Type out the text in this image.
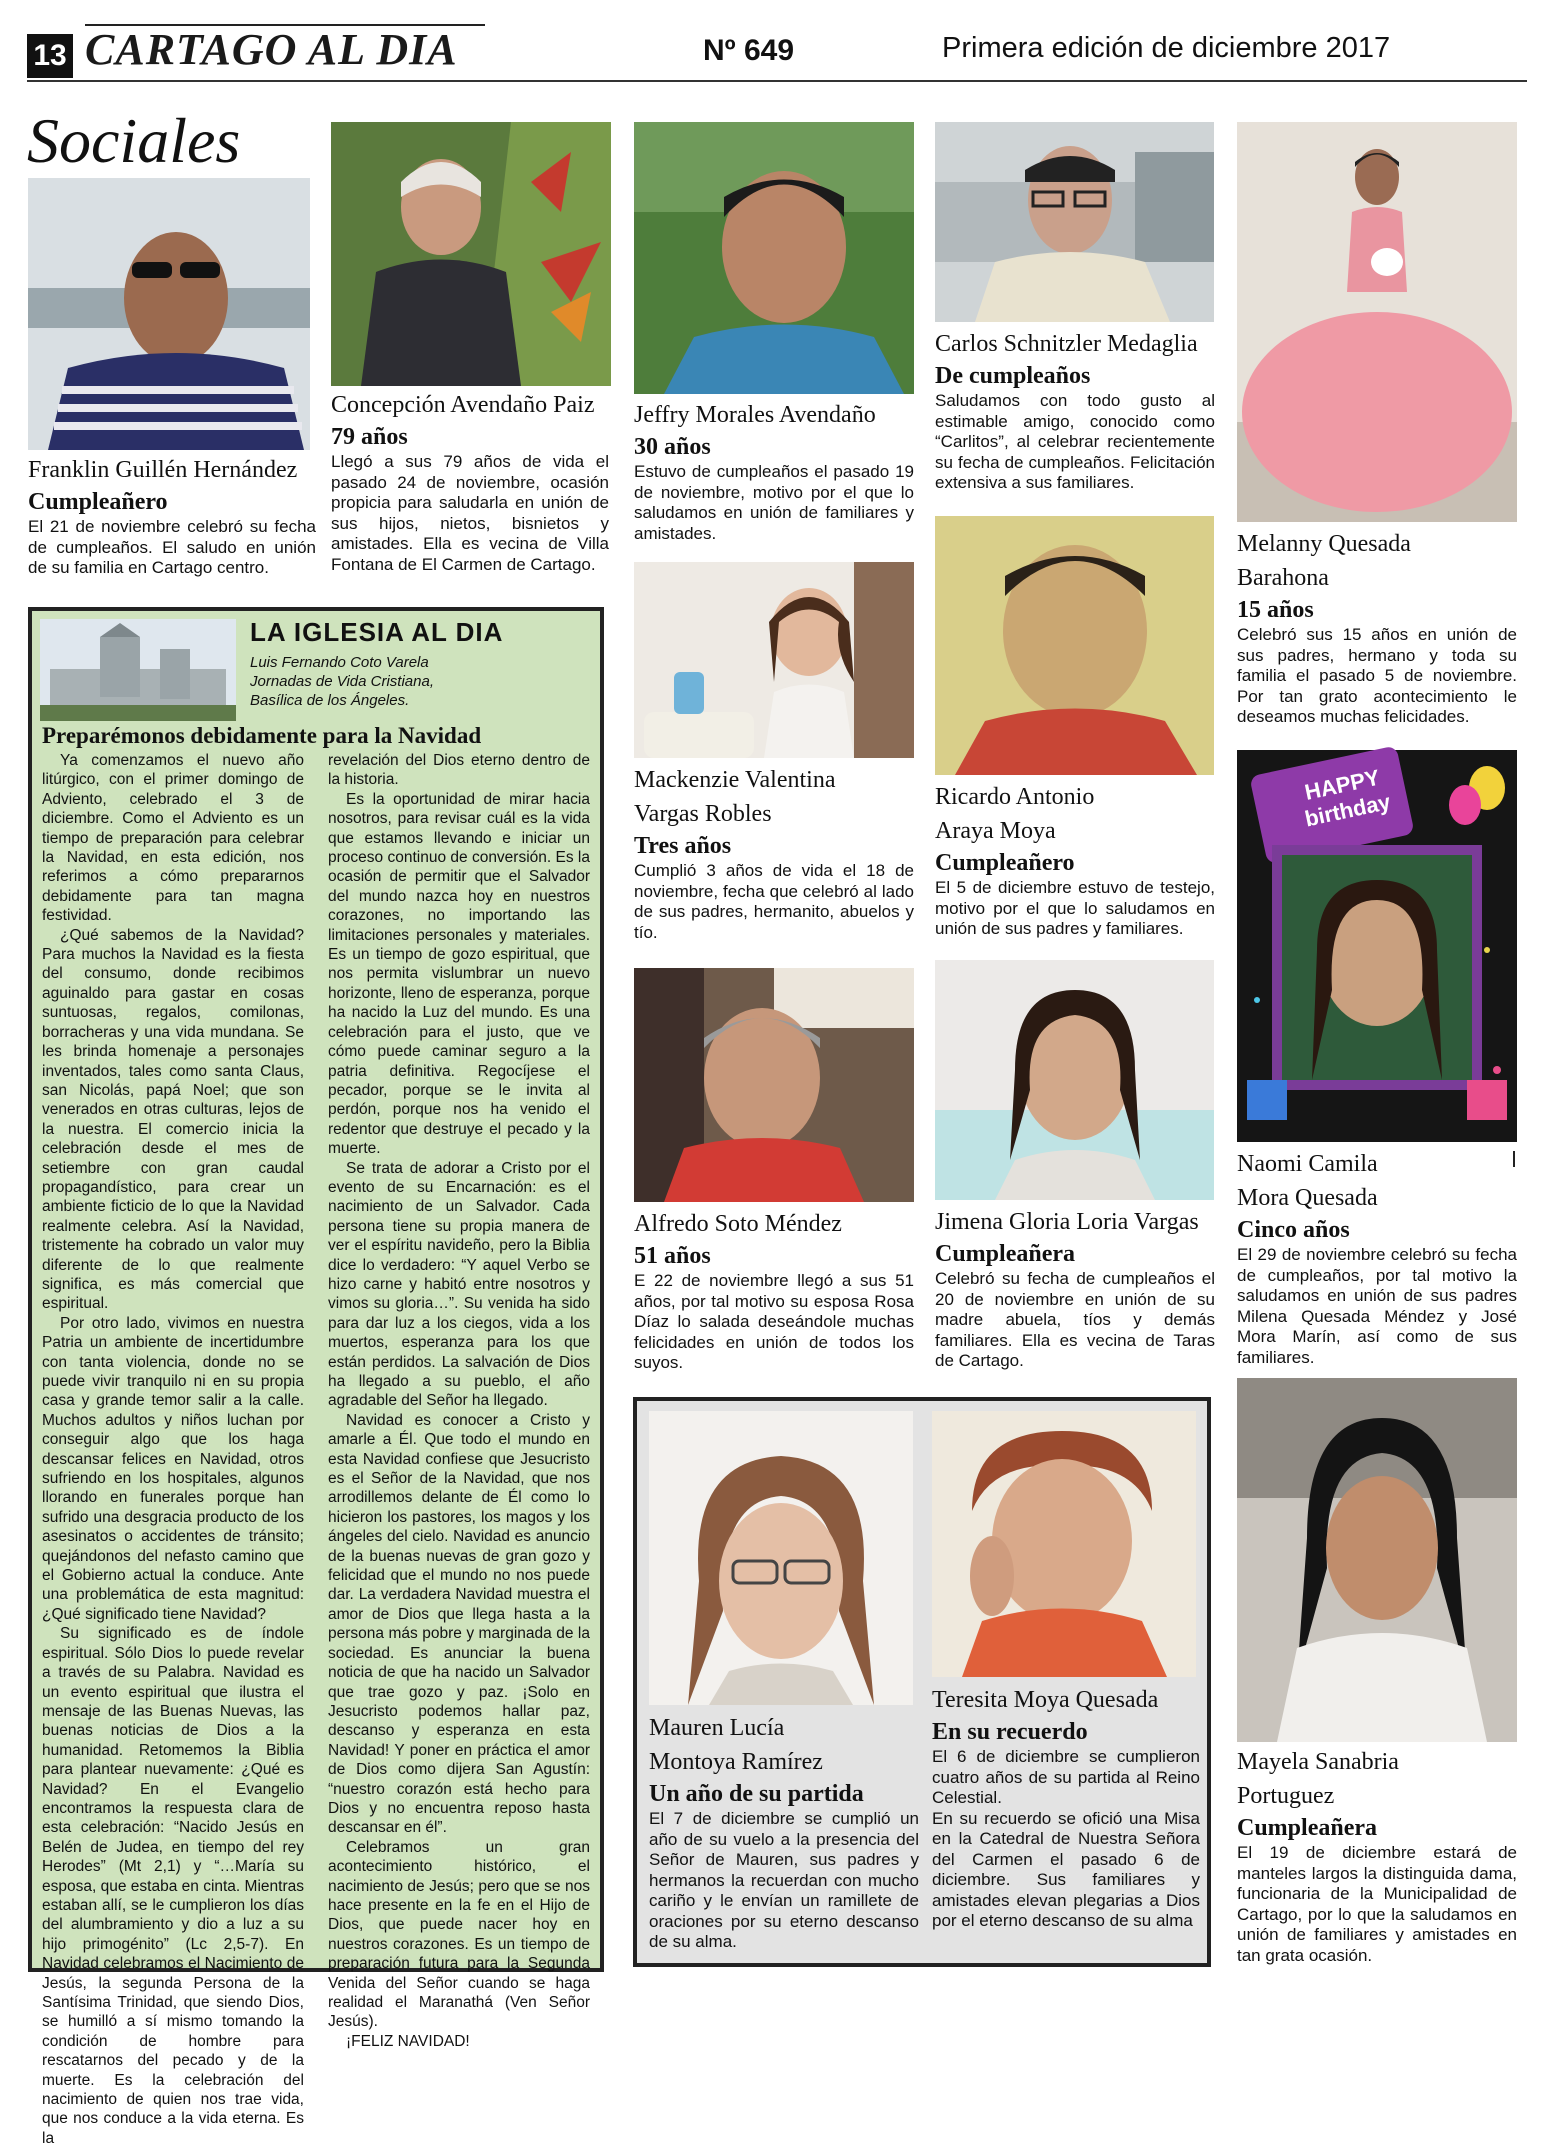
13 CARTAGO AL DIA	Nº 649	Primera edición de diciembre 2017
Sociales
Franklin Guillén Hernández
Cumpleañero
El 21 de noviembre celebró su fecha de cumpleaños. El saludo en unión de su familia en Cartago centro.
Concepción Avendaño Paiz
79 años
Llegó a sus 79 años de vida el pasado 24 de noviembre, ocasión propicia para saludarla en unión de sus hijos, nietos, bisnietos y amistades. Ella es vecina de Villa Fontana de El Carmen de Cartago.
Jeffry Morales Avendaño
30 años
Estuvo de cumpleaños el pasado 19 de noviembre, motivo por el que lo saludamos en unión de familiares y amistades.
Mackenzie Valentina
Vargas Robles
Tres años
Cumplió 3 años de vida el 18 de noviembre, fecha que celebró al lado de sus padres, hermanito, abuelos y tío.
Alfredo Soto Méndez
51 años
E 22 de noviembre llegó a sus 51 años, por tal motivo su esposa Rosa Díaz lo salada deseándole muchas felicidades en unión de todos los suyos.
Carlos Schnitzler Medaglia
De cumpleaños
Saludamos con todo gusto al estimable amigo, conocido como “Carlitos”, al celebrar recientemente su fecha de cumpleaños. Felicitación extensiva a sus familiares.
Ricardo Antonio
Araya Moya
Cumpleañero
El 5 de diciembre estuvo de testejo, motivo por el que lo saludamos en unión de sus padres y familiares.
Jimena Gloria Loria Vargas
Cumpleañera
Celebró su fecha de cumpleaños el 20 de noviembre en unión de su madre abuela, tíos y demás familiares. Ella es vecina de Taras de Cartago.
Melanny Quesada
Barahona
15 años
Celebró sus 15 años en unión de sus padres, hermano y toda su familia el pasado 5 de noviembre. Por tan grato acontecimiento le deseamos muchas felicidades.
HAPPY birthday
Naomi Camila
Mora Quesada
Cinco años
El 29 de noviembre celebró su fecha de cumpleaños, por tal motivo la saludamos en unión de sus padres Milena Quesada Méndez y José Mora Marín, así como de sus familiares.
Mayela Sanabria
Portuguez
Cumpleañera
El 19 de diciembre estará de manteles largos la distinguida dama, funcionaria de la Municipalidad de Cartago, por lo que la saludamos en unión de familiares y amistades en tan grata ocasión.
LA IGLESIA AL DIA
Luis Fernando Coto Varela
Jornadas de Vida Cristiana,
Basílica de los Ángeles.
Preparémonos debidamente para la Navidad

Ya comenzamos el nuevo año litúrgico, con el primer domingo de Adviento, celebrado el 3 de diciembre. Como el Adviento es un tiempo de preparación para celebrar la Navidad, en esta edición, nos referimos a cómo prepararnos debidamente para tan magna festividad.

¿Qué sabemos de la Navidad? Para muchos la Navidad es la fiesta del consumo, donde recibimos aguinaldo para gastar en cosas suntuosas, regalos, comilonas, borracheras y una vida mundana. Se les brinda homenaje a personajes inventados, tales como santa Claus, san Nicolás, papá Noel; que son venerados en otras culturas, lejos de la nuestra. El comercio inicia la celebración desde el mes de setiembre con gran caudal propagandístico, para crear un ambiente ficticio de lo que la Navidad realmente celebra. Así la Navidad, tristemente ha cobrado un valor muy diferente de lo que realmente significa, es más comercial que espiritual.

Por otro lado, vivimos en nuestra Patria un ambiente de incertidumbre con tanta violencia, donde no se puede vivir tranquilo ni en su propia casa y grande temor salir a la calle. Muchos adultos y niños luchan por conseguir algo que los haga descansar felices en Navidad, otros sufriendo en los hospitales, algunos llorando en funerales porque han sufrido una desgracia producto de los asesinatos o accidentes de tránsito; quejándonos del nefasto camino que el Gobierno actual la conduce. Ante una problemática de esta magnitud: ¿Qué significado tiene Navidad?

Su significado es de índole espiritual. Sólo Dios lo puede revelar a través de su Palabra. Navidad es un evento espiritual que ilustra el mensaje de las Buenas Nuevas, las buenas noticias de Dios a la humanidad. Retomemos la Biblia para plantear nuevamente: ¿Qué es Navidad? En el Evangelio encontramos la respuesta clara de esta celebración: “Nacido Jesús en Belén de Judea, en tiempo del rey Herodes” (Mt 2,1) y “…María su esposa, que estaba en cinta. Mientras estaban allí, se le cumplieron los días del alumbramiento y dio a luz a su hijo primogénito” (Lc 2,5-7). En Navidad celebramos el Nacimiento de Jesús, la segunda Persona de la Santísima Trinidad, que siendo Dios, se humilló a sí mismo tomando la condición de hombre para rescatarnos del pecado y de la muerte. Es la celebración del nacimiento de quien nos trae vida, que nos conduce a la vida eterna. Es la

revelación del Dios eterno dentro de la historia.

Es la oportunidad de mirar hacia nosotros, para revisar cuál es la vida que estamos llevando e iniciar un proceso continuo de conversión. Es la ocasión de permitir que el Salvador del mundo nazca hoy en nuestros corazones, no importando las limitaciones personales y materiales. Es un tiempo de gozo espiritual, que nos permita vislumbrar un nuevo horizonte, lleno de esperanza, porque ha nacido la Luz del mundo. Es una celebración para el justo, que ve cómo puede caminar seguro a la patria definitiva. Regocíjese el pecador, porque se le invita al perdón, porque nos ha venido el redentor que destruye el pecado y la muerte.

Se trata de adorar a Cristo por el evento de su Encarnación: es el nacimiento de un Salvador. Cada persona tiene su propia manera de ver el espíritu navideño, pero la Biblia dice lo verdadero: “Y aquel Verbo se hizo carne y habitó entre nosotros y vimos su gloria…”. Su venida ha sido para dar luz a los ciegos, vida a los muertos, esperanza para los que están perdidos. La salvación de Dios ha llegado a su pueblo, el año agradable del Señor ha llegado.

Navidad es conocer a Cristo y amarle a Él. Que todo el mundo en esta Navidad confiese que Jesucristo es el Señor de la Navidad, que nos arrodillemos delante de Él como lo hicieron los pastores, los magos y los ángeles del cielo. Navidad es anuncio de la buenas nuevas de gran gozo y felicidad que el mundo no nos puede dar. La verdadera Navidad muestra el amor de Dios que llega hasta a la persona más pobre y marginada de la sociedad. Es anunciar la buena noticia de que ha nacido un Salvador que trae gozo y paz. ¡Solo en Jesucristo podemos hallar paz, descanso y esperanza en esta Navidad! Y poner en práctica el amor de Dios como dijera San Agustín: “nuestro corazón está hecho para Dios y no encuentra reposo hasta descansar en él”.

Celebramos un gran acontecimiento histórico, el nacimiento de Jesús; pero que se nos hace presente en la fe en el Hijo de Dios, que puede nacer hoy en nuestros corazones. Es un tiempo de preparación futura para la Segunda Venida del Señor cuando se haga realidad el Maranathá (Ven Señor Jesús).

¡FELIZ NAVIDAD!

Mauren Lucía
Montoya Ramírez
Un año de su partida
El 7 de diciembre se cumplió un año de su vuelo a la presencia del Señor de Mauren, sus padres y hermanos la recuerdan con mucho cariño y le envían un ramillete de oraciones por su eterno descanso de su alma.
Teresita Moya Quesada
En su recuerdo
El 6 de diciembre se cumplieron cuatro años de su partida al Reino Celestial.
En su recuerdo se ofició una Misa en la Catedral de Nuestra Señora del Carmen el pasado 6 de diciembre. Sus familiares y amistades elevan plegarias a Dios por el eterno descanso de su alma
